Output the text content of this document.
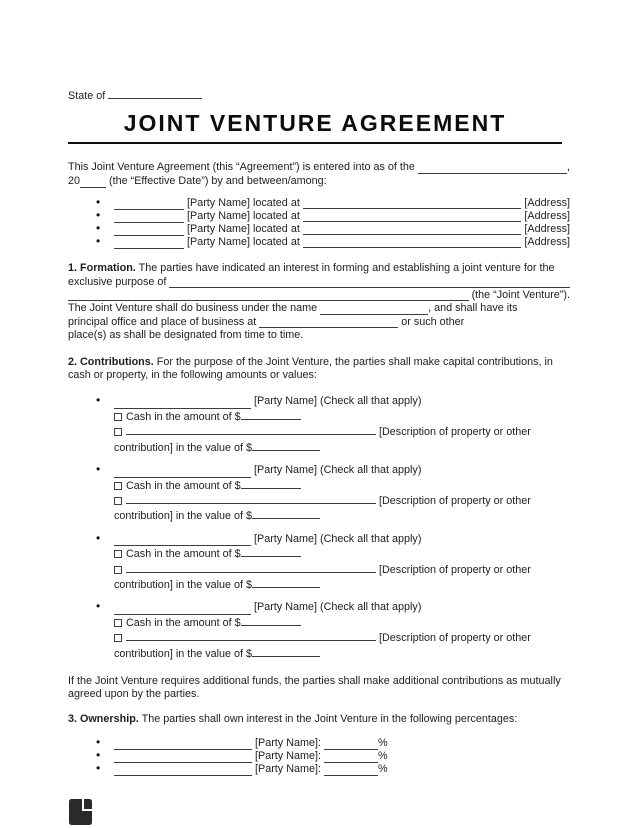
State of
JOINT VENTURE AGREEMENT
This Joint Venture Agreement (this “Agreement”) is entered into as of the	,
20 (the “Effective Date”) by and between/among:
•	[Party Name] located at	[Address]
•	[Party Name] located at	[Address]
•	[Party Name] located at	[Address]
•	[Party Name] located at	[Address]
1. Formation. The parties have indicated an interest in forming and establishing a joint venture for the
exclusive purpose of
(the “Joint Venture”).
The Joint Venture shall do business under the name	, and shall have its
principal office and place of business at	or such other
place(s) as shall be designated from time to time.
2. Contributions. For the purpose of the Joint Venture, the parties shall make capital contributions, in
cash or property, in the following amounts or values:
•	[Party Name] (Check all that apply)
Cash in the amount of $
[Description of property or other
contribution] in the value of $
•	[Party Name] (Check all that apply)
Cash in the amount of $
[Description of property or other
contribution] in the value of $
•	[Party Name] (Check all that apply)
Cash in the amount of $
[Description of property or other
contribution] in the value of $
•	[Party Name] (Check all that apply)
Cash in the amount of $
[Description of property or other
contribution] in the value of $
If the Joint Venture requires additional funds, the parties shall make additional contributions as mutually
agreed upon by the parties.
3. Ownership. The parties shall own interest in the Joint Venture in the following percentages:
•	[Party Name]:	%
•	[Party Name]:	%
•	[Party Name]:	%
